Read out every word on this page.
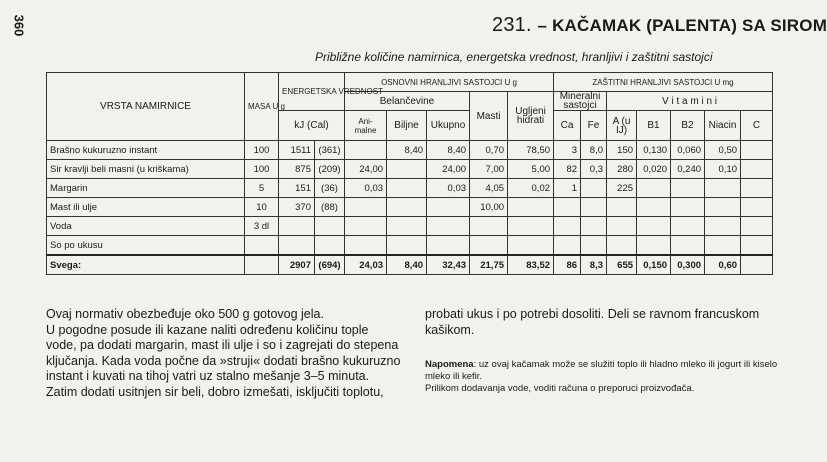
360	231. – KAČAMAK (PALENTA) SA SIROM
Približne količine namirnica, energetska vrednost, hranljivi i zaštitni sastojci
VRSTA NAMIRNICE	MASA U g	ENERGETSKA VREDNOST		OSNOVNI HRANLJIVI SASTOJCI U g					ZAŠTITNI HRANLJIVI SASTOJCI U mg						
				Belančevine			Masti	Ugljeni hidrati	Mineralni sastojci		V i t a m i n i				
		kJ (Cal)		Ani- malne	Biljne	Ukupno			Ca	Fe	A (u IJ)	B1	B2	Niacin	C
Brašno kukuruzno instant	100	1511	(361)		8,40	8,40	0,70	78,50	3	8,0	150	0,130	0,060	0,50	
Sir kravlji beli masni (u kriškama)	100	875	(209)	24,00		24,00	7,00	5,00	82	0,3	280	0,020	0,240	0,10	
Margarin	5	151	(36)	0,03		0,03	4,05	0,02	1		225				
Mast ili ulje	10	370	(88)				10,00								
Voda	3 dl														
So po ukusu															
Svega:		2907	(694)	24,03	8,40	32,43	21,75	83,52	86	8,3	655	0,150	0,300	0,60	

Ovaj normativ obezbeđuje oko 500 g gotovog jela.

U pogodne posude ili kazane naliti određenu količinu tople vode, pa dodati margarin, mast ili ulje i so i zagrejati do stepena ključanja. Kada voda počne da »struji« dodati brašno kukuruzno instant i kuvati na tihoj vatri uz stalno mešanje 3–5 minuta.

Zatim dodati usitnjen sir beli, dobro izmešati, isključiti toplotu,

probati ukus i po potrebi dosoliti. Deli se ravnom francuskom kašikom.

Napomena: uz ovaj kačamak može se služiti toplo ili hladno mleko ili jogurt ili kiselo mleko ili kefir.

Prilikom dodavanja vode, voditi računa o preporuci proizvođača.
